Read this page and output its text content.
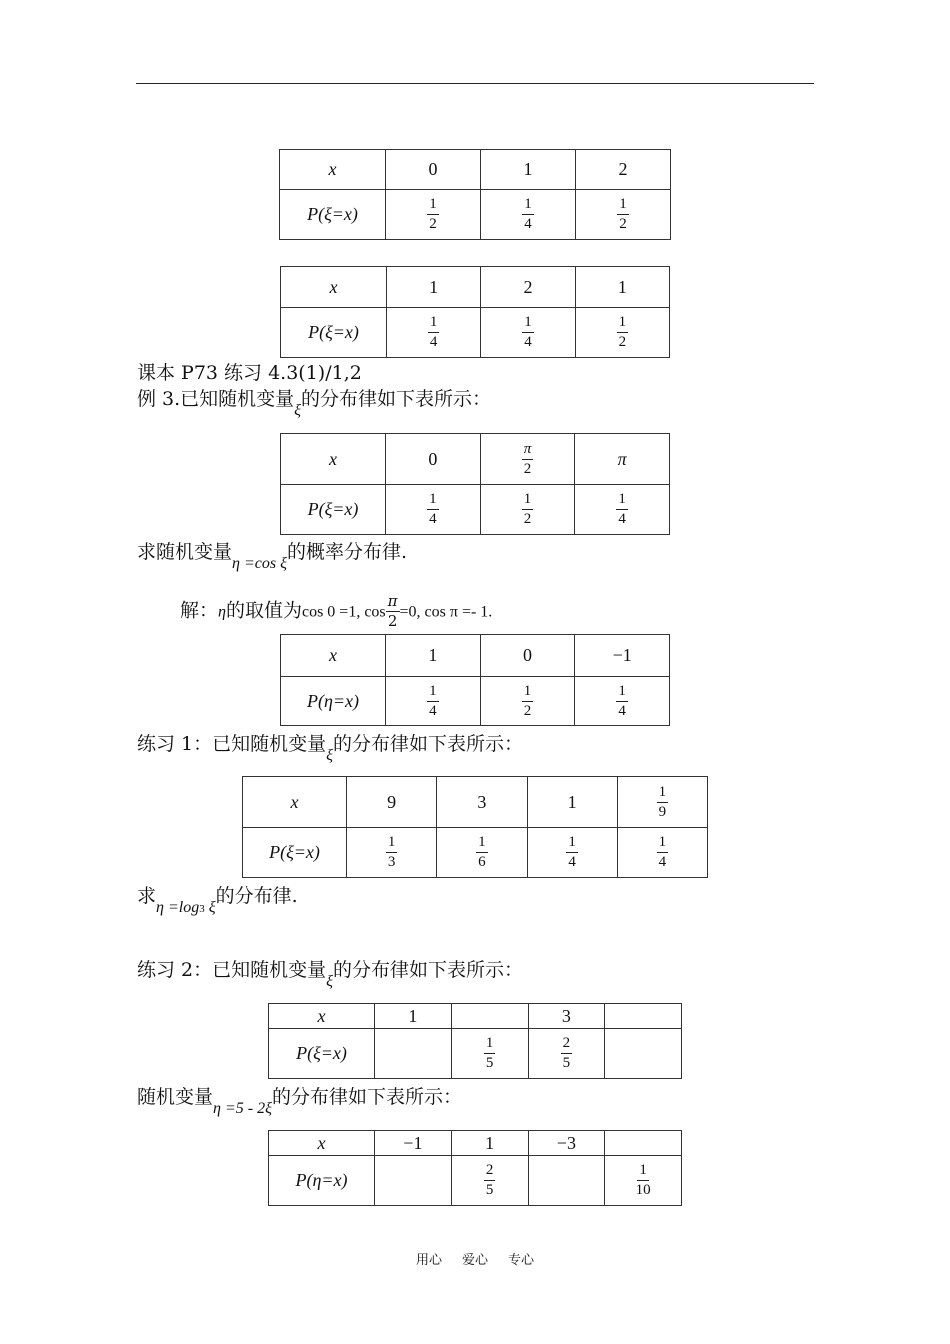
x	0	1	2
P(ξ=x)	$\frac{1}{2}$	$\frac{1}{4}$	$\frac{1}{2}$
x	1	2	1
P(ξ=x)	$\frac{1}{4}$	$\frac{1}{4}$	$\frac{1}{2}$
课本 P73 练习 4.3(1)/1,2
例 3.已知随机变量$_\xi$的分布律如下表所示：
x	0	$\frac{\pi}{2}$	π
P(ξ=x)	$\frac{1}{4}$	$\frac{1}{2}$	$\frac{1}{4}$
求随机变量$_{\eta =cos \xi}$的概率分布律.
解：η的取值为cos 0 =1, $\cos \frac{\pi}{2} =0$, cos π =- 1.
x	1	0	−1
P(η=x)	$\frac{1}{4}$	$\frac{1}{2}$	$\frac{1}{4}$
练习 1：已知随机变量$_\xi$的分布律如下表所示：
x	9	3	1	$\frac{1}{9}$

P(ξ=x)	$\frac{1}{3}$	$\frac{1}{6}$	$\frac{1}{4}$	$\frac{1}{4}$
求$_{\eta =log3 \xi}$的分布律.
练习 2：已知随机变量$_\xi$的分布律如下表所示：
x	1		3	
P(ξ=x)		$\frac{1}{5}$	$\frac{2}{5}$

随机变量$_{\eta =5 - 2\xi}$的分布律如下表所示：
x	−1	1	−3	
P(η=x)		$\frac{2}{5}$		$\frac{1}{10}$
用心 爱心 专心
